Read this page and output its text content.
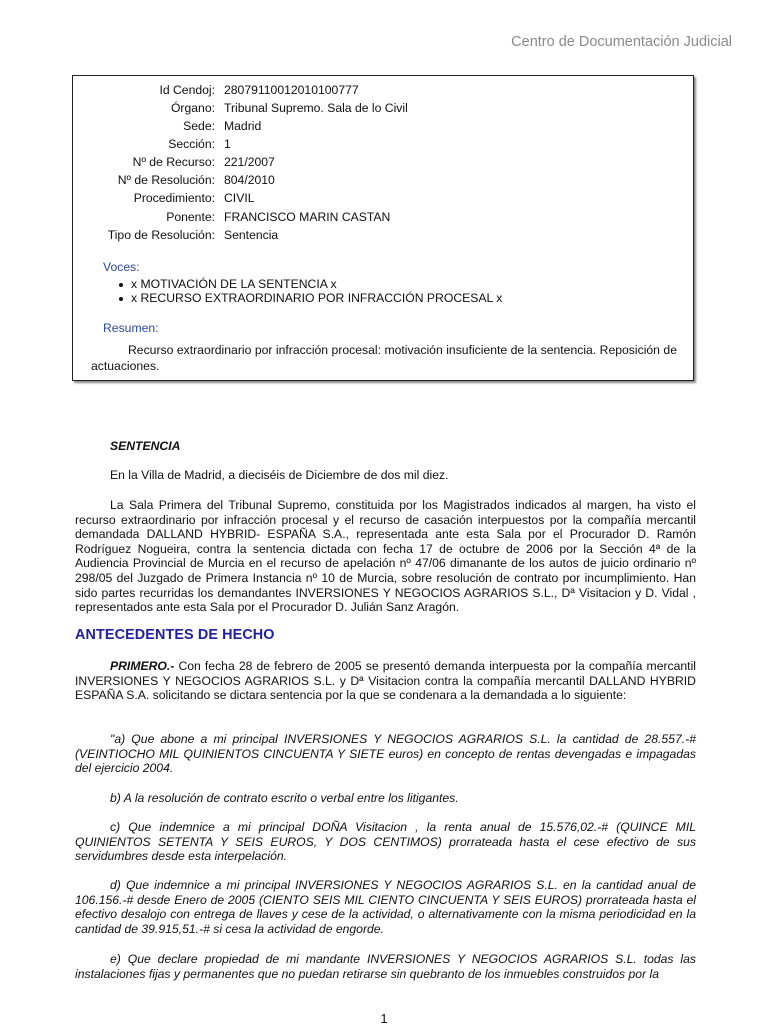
Centro de Documentación Judicial
Id Cendoj: 28079110012010100777
Órgano: Tribunal Supremo. Sala de lo Civil
Sede: Madrid
Sección: 1
Nº de Recurso: 221/2007
Nº de Resolución: 804/2010
Procedimiento: CIVIL
Ponente: FRANCISCO MARIN CASTAN
Tipo de Resolución: Sentencia
Voces:
x MOTIVACIÓN DE LA SENTENCIA x
x RECURSO EXTRAORDINARIO POR INFRACCIÓN PROCESAL x
Resumen:
Recurso extraordinario por infracción procesal: motivación insuficiente de la sentencia. Reposición de actuaciones.
SENTENCIA
En la Villa de Madrid, a dieciséis de Diciembre de dos mil diez.
La Sala Primera del Tribunal Supremo, constituida por los Magistrados indicados al margen, ha visto el recurso extraordinario por infracción procesal y el recurso de casación interpuestos por la compañía mercantil demandada DALLAND HYBRID- ESPAÑA S.A., representada ante esta Sala por el Procurador D. Ramón Rodríguez Nogueira, contra la sentencia dictada con fecha 17 de octubre de 2006 por la Sección 4ª de la Audiencia Provincial de Murcia en el recurso de apelación nº 47/06 dimanante de los autos de juicio ordinario nº 298/05 del Juzgado de Primera Instancia nº 10 de Murcia, sobre resolución de contrato por incumplimiento. Han sido partes recurridas los demandantes INVERSIONES Y NEGOCIOS AGRARIOS S.L., Dª Visitacion y D. Vidal , representados ante esta Sala por el Procurador D. Julián Sanz Aragón.
ANTECEDENTES DE HECHO
PRIMERO.- Con fecha 28 de febrero de 2005 se presentó demanda interpuesta por la compañía mercantil INVERSIONES Y NEGOCIOS AGRARIOS S.L. y Dª Visitacion contra la compañía mercantil DALLAND HYBRID ESPAÑA S.A. solicitando se dictara sentencia por la que se condenara a la demandada a lo siguiente:
"a) Que abone a mi principal INVERSIONES Y NEGOCIOS AGRARIOS S.L. la cantidad de 28.557.-# (VEINTIOCHO MIL QUINIENTOS CINCUENTA Y SIETE euros) en concepto de rentas devengadas e impagadas del ejercicio 2004.
b) A la resolución de contrato escrito o verbal entre los litigantes.
c) Que indemnice a mi principal DOÑA Visitacion , la renta anual de 15.576,02.-# (QUINCE MIL QUINIENTOS SETENTA Y SEIS EUROS, Y DOS CENTIMOS) prorrateada hasta el cese efectivo de sus servidumbres desde esta interpelación.
d) Que indemnice a mi principal INVERSIONES Y NEGOCIOS AGRARIOS S.L. en la cantidad anual de 106.156.-# desde Enero de 2005 (CIENTO SEIS MIL CIENTO CINCUENTA Y SEIS EUROS) prorrateada hasta el efectivo desalojo con entrega de llaves y cese de la actividad, o alternativamente con la misma periodicidad en la cantidad de 39.915,51.-# si cesa la actividad de engorde.
e) Que declare propiedad de mi mandante INVERSIONES Y NEGOCIOS AGRARIOS S.L. todas las instalaciones fijas y permanentes que no puedan retirarse sin quebranto de los inmuebles construidos por la
1
